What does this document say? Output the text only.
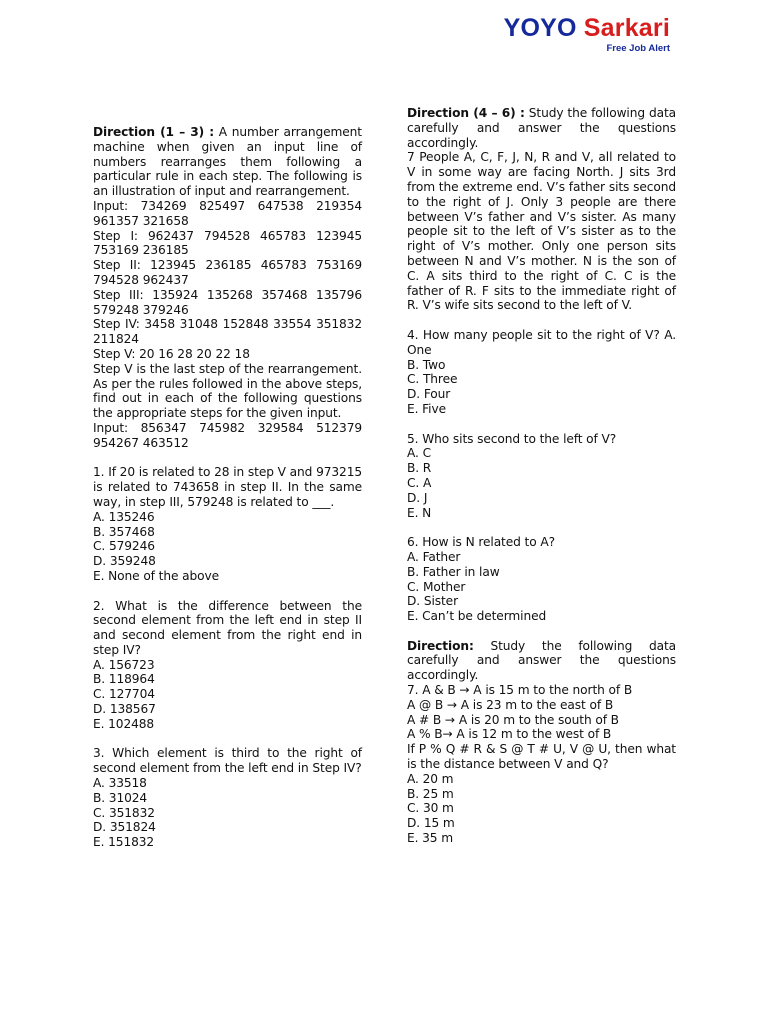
YOYO Sarkari
Free Job Alert
Direction (1 – 3) : A number arrangement machine when given an input line of numbers rearranges them following a particular rule in each step. The following is an illustration of input and rearrangement.
Input: 734269 825497 647538 219354 961357 321658
Step I: 962437 794528 465783 123945 753169 236185
Step II: 123945 236185 465783 753169 794528 962437
Step III: 135924 135268 357468 135796 579248 379246
Step IV: 3458 31048 152848 33554 351832 211824
Step V: 20 16 28 20 22 18
Step V is the last step of the rearrangement. As per the rules followed in the above steps, find out in each of the following questions the appropriate steps for the given input.
Input: 856347 745982 329584 512379 954267 463512
1. If 20 is related to 28 in step V and 973215 is related to 743658 in step II. In the same way, in step III, 579248 is related to ___.
A. 135246
B. 357468
C. 579246
D. 359248
E. None of the above
2. What is the difference between the second element from the left end in step II and second element from the right end in step IV?
A. 156723
B. 118964
C. 127704
D. 138567
E. 102488
3. Which element is third to the right of second element from the left end in Step IV?
A. 33518
B. 31024
C. 351832
D. 351824
E. 151832
Direction (4 – 6) : Study the following data carefully and answer the questions accordingly.
7 People A, C, F, J, N, R and V, all related to V in some way are facing North. J sits 3rd from the extreme end. V’s father sits second to the right of J. Only 3 people are there between V’s father and V’s sister. As many people sit to the left of V’s sister as to the right of V’s mother. Only one person sits between N and V’s mother. N is the son of C. A sits third to the right of C. C is the father of R. F sits to the immediate right of R. V’s wife sits second to the left of V.
4. How many people sit to the right of V? A. One
B. Two
C. Three
D. Four
E. Five
5. Who sits second to the left of V?
A. C
B. R
C. A
D. J
E. N
6. How is N related to A?
A. Father
B. Father in law
C. Mother
D. Sister
E. Can’t be determined
Direction: Study the following data carefully and answer the questions accordingly.
7. A & B → A is 15 m to the north of B
A @ B → A is 23 m to the east of B
A # B → A is 20 m to the south of B
A % B→ A is 12 m to the west of B
If P % Q # R & S @ T # U, V @ U, then what is the distance between V and Q?
A. 20 m
B. 25 m
C. 30 m
D. 15 m
E. 35 m
